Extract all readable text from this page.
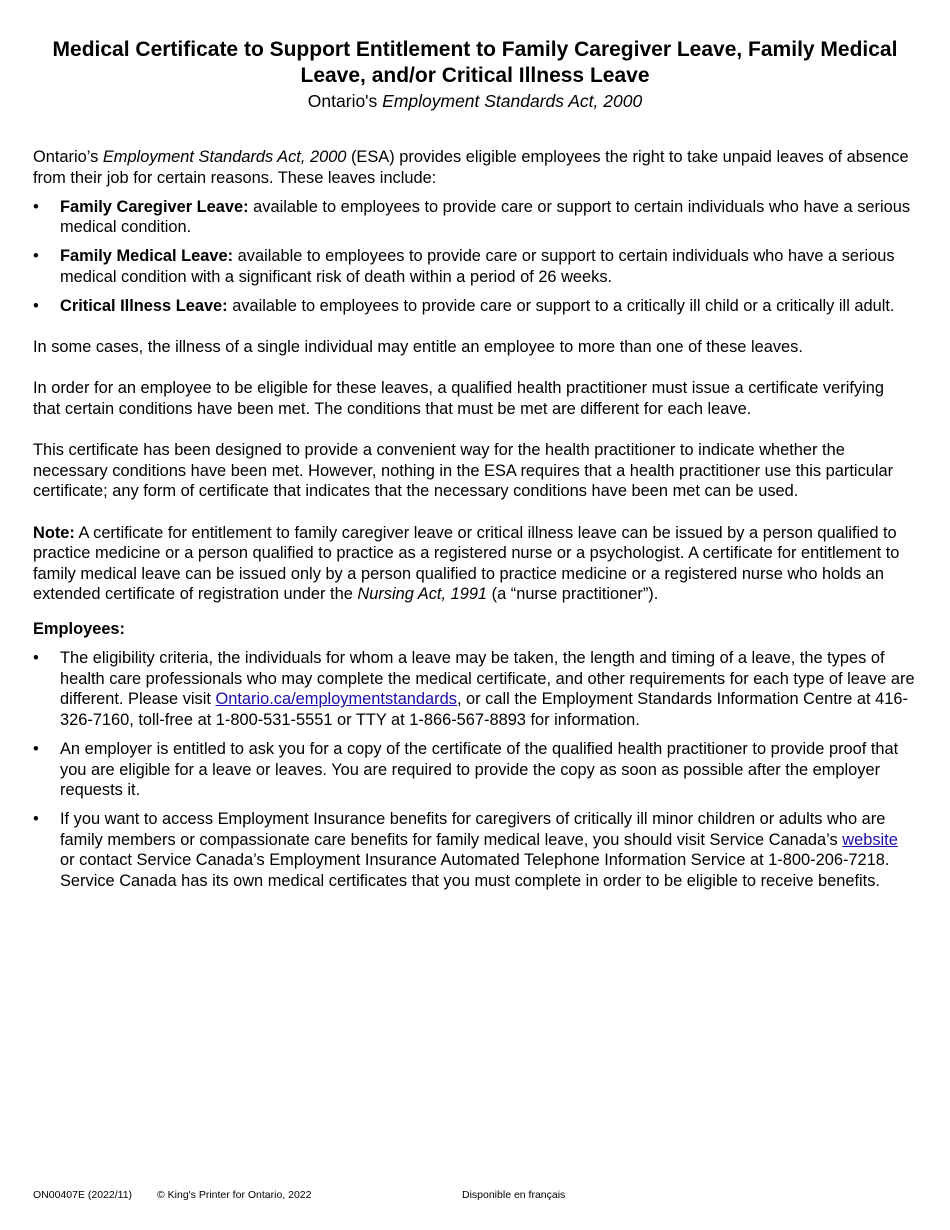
Medical Certificate to Support Entitlement to Family Caregiver Leave, Family Medical Leave, and/or Critical Illness Leave
Ontario's Employment Standards Act, 2000

Ontario’s Employment Standards Act, 2000 (ESA) provides eligible employees the right to take unpaid leaves of absence from their job for certain reasons. These leaves include:

• Family Caregiver Leave: available to employees to provide care or support to certain individuals who have a serious medical condition.
• Family Medical Leave: available to employees to provide care or support to certain individuals who have a serious medical condition with a significant risk of death within a period of 26 weeks.
• Critical Illness Leave: available to employees to provide care or support to a critically ill child or a critically ill adult.

In some cases, the illness of a single individual may entitle an employee to more than one of these leaves.

In order for an employee to be eligible for these leaves, a qualified health practitioner must issue a certificate verifying that certain conditions have been met. The conditions that must be met are different for each leave.

This certificate has been designed to provide a convenient way for the health practitioner to indicate whether the necessary conditions have been met. However, nothing in the ESA requires that a health practitioner use this particular certificate; any form of certificate that indicates that the necessary conditions have been met can be used.

Note: A certificate for entitlement to family caregiver leave or critical illness leave can be issued by a person qualified to practice medicine or a person qualified to practice as a registered nurse or a psychologist. A certificate for entitlement to family medical leave can be issued only by a person qualified to practice medicine or a registered nurse who holds an extended certificate of registration under the Nursing Act, 1991 (a “nurse practitioner”).

Employees:

• The eligibility criteria, the individuals for whom a leave may be taken, the length and timing of a leave, the types of health care professionals who may complete the medical certificate, and other requirements for each type of leave are different. Please visit Ontario.ca/employmentstandards, or call the Employment Standards Information Centre at 416-326-7160, toll-free at 1-800-531-5551 or TTY at 1-866-567-8893 for information.
• An employer is entitled to ask you for a copy of the certificate of the qualified health practitioner to provide proof that you are eligible for a leave or leaves. You are required to provide the copy as soon as possible after the employer requests it.
• If you want to access Employment Insurance benefits for caregivers of critically ill minor children or adults who are family members or compassionate care benefits for family medical leave, you should visit Service Canada’s website or contact Service Canada’s Employment Insurance Automated Telephone Information Service at 1-800-206-7218. Service Canada has its own medical certificates that you must complete in order to be eligible to receive benefits.
ON00407E (2022/11) © King's Printer for Ontario, 2022	Disponible en français
